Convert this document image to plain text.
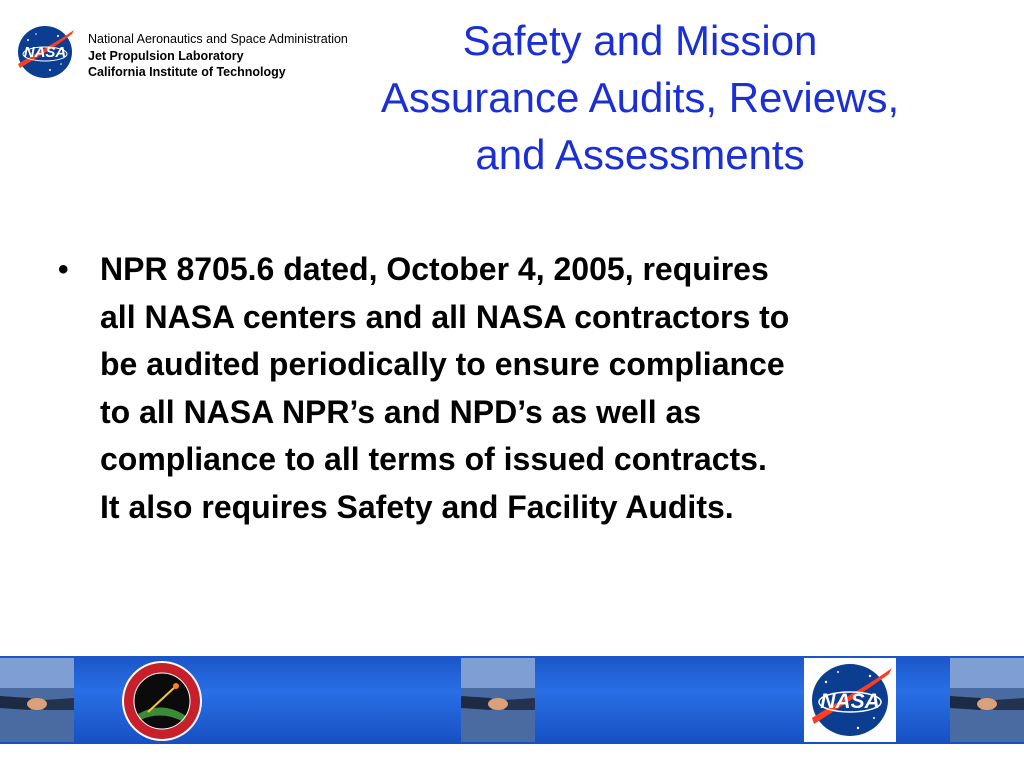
NASA
National Aeronautics and Space Administration
Jet Propulsion Laboratory
California Institute of Technology
Safety and Mission
Assurance Audits, Reviews,
and Assessments
• NPR 8705.6 dated, October 4, 2005, requires
all NASA centers and all NASA contractors to
be audited periodically to ensure compliance
to all NASA NPR’s and NPD’s as well as
compliance to all terms of issued contracts.
It also requires Safety and Facility Audits.
NASA
